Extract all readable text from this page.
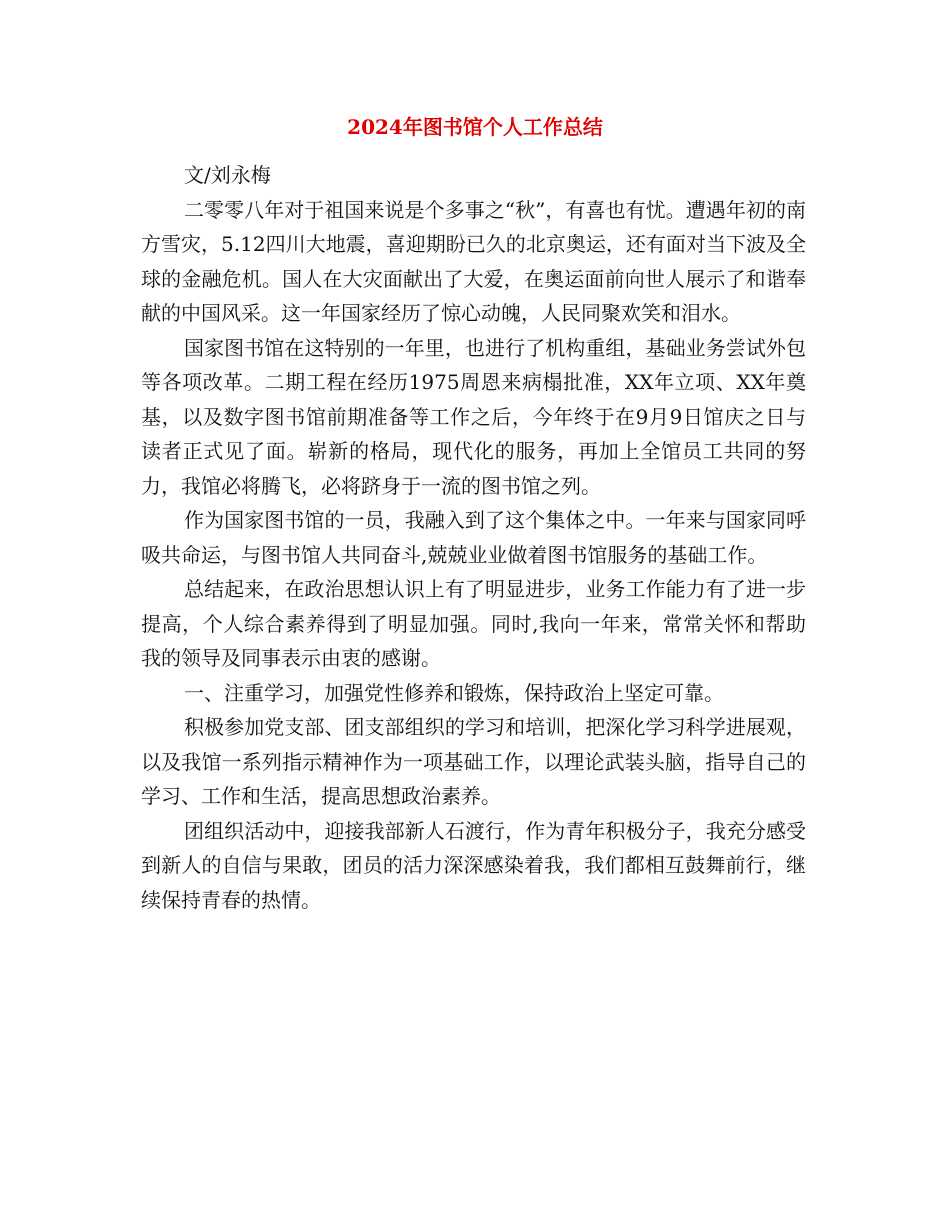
2024年图书馆个人工作总结

文/刘永梅

二零零八年对于祖国来说是个多事之“秋”，有喜也有忧。遭遇年初的南方雪灾，5.12四川大地震，喜迎期盼已久的北京奥运，还有面对当下波及全球的金融危机。国人在大灾面献出了大爱，在奥运面前向世人展示了和谐奉献的中国风采。这一年国家经历了惊心动魄，人民同聚欢笑和泪水。

国家图书馆在这特别的一年里，也进行了机构重组，基础业务尝试外包等各项改革。二期工程在经历1975周恩来病榻批准，XX年立项、XX年奠基，以及数字图书馆前期准备等工作之后，今年终于在9月9日馆庆之日与读者正式见了面。崭新的格局，现代化的服务，再加上全馆员工共同的努力，我馆必将腾飞，必将跻身于一流的图书馆之列。

作为国家图书馆的一员，我融入到了这个集体之中。一年来与国家同呼吸共命运，与图书馆人共同奋斗,兢兢业业做着图书馆服务的基础工作。

总结起来，在政治思想认识上有了明显进步，业务工作能力有了进一步提高，个人综合素养得到了明显加强。同时,我向一年来，常常关怀和帮助我的领导及同事表示由衷的感谢。

一、注重学习，加强党性修养和锻炼，保持政治上坚定可靠。

积极参加党支部、团支部组织的学习和培训，把深化学习科学进展观，以及我馆一系列指示精神作为一项基础工作，以理论武装头脑，指导自己的学习、工作和生活，提高思想政治素养。

团组织活动中，迎接我部新人石渡行，作为青年积极分子，我充分感受到新人的自信与果敢，团员的活力深深感染着我，我们都相互鼓舞前行，继续保持青春的热情。
